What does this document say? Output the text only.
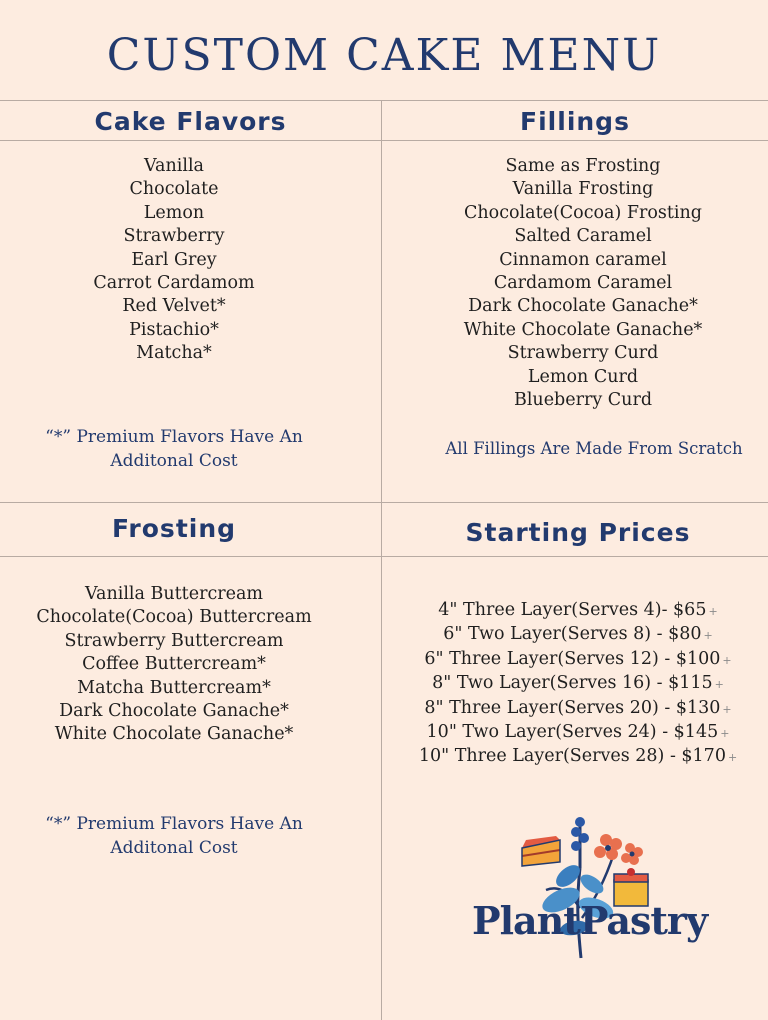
CUSTOM CAKE MENU
Cake Flavors
Vanilla
Chocolate
Lemon
Strawberry
Earl Grey
Carrot Cardamom
Red Velvet*
Pistachio*
Matcha*
“*” Premium Flavors Have An
Additonal Cost
Fillings
Same as Frosting
Vanilla Frosting
Chocolate(Cocoa) Frosting
Salted Caramel
Cinnamon caramel
Cardamom Caramel
Dark Chocolate Ganache*
White Chocolate Ganache*
Strawberry Curd
Lemon Curd
Blueberry Curd
All Fillings Are Made From Scratch
Frosting
Vanilla Buttercream
Chocolate(Cocoa) Buttercream
Strawberry Buttercream
Coffee Buttercream*
Matcha Buttercream*
Dark Chocolate Ganache*
White Chocolate Ganache*
“*” Premium Flavors Have An
Additonal Cost
Starting Prices
4" Three Layer(Serves 4)- $65 +
6" Two Layer(Serves 8) - $80 +
6" Three Layer(Serves 12) - $100 +
8" Two Layer(Serves 16) - $115 +
8" Three Layer(Serves 20) - $130 +
10" Two Layer(Serves 24) - $145 +
10" Three Layer(Serves 28) - $170 +
PlantPastry
